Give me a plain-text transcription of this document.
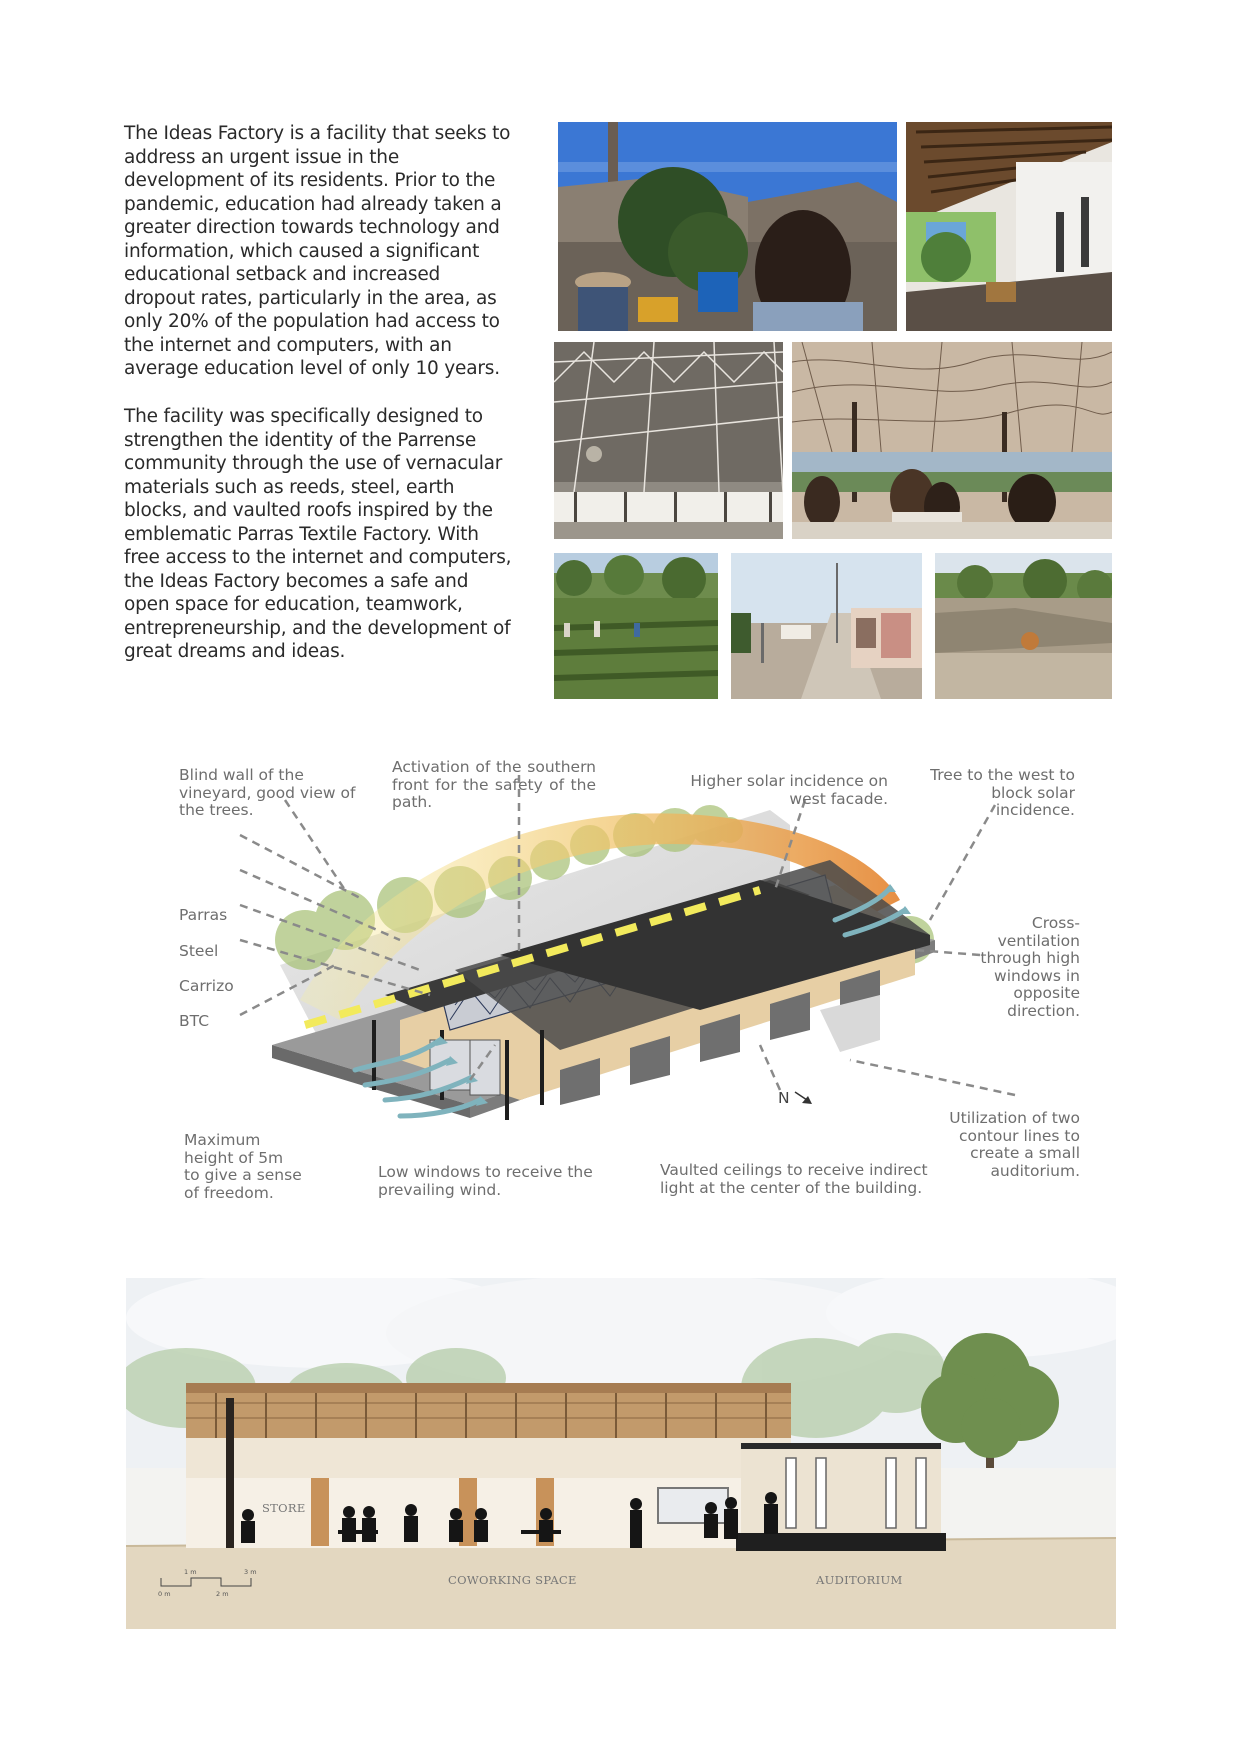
The Ideas Factory is a facility that seeks to address an urgent issue in the development of its residents. Prior to the pandemic, education had already taken a greater direction towards technology and information, which caused a significant educational setback and increased dropout rates, particularly in the area, as only 20% of the population had access to the internet and computers, with an average education level of only 10 years.
The facility was specifically designed to strengthen the identity of the Parrense community through the use of vernacular materials such as reeds, steel, earth blocks, and vaulted roofs inspired by the emblematic Parras Textile Factory. With free access to the internet and computers, the Ideas Factory becomes a safe and open space for education, teamwork, entrepreneurship, and the development of great dreams and ideas.
Blind wall of the
vineyard, good view of
the trees.
Activation of the southern front for the safety of the path.
Higher solar incidence on
west facade.
Tree to the west to
block solar
incidence.
Parras
Steel
Carrizo
BTC
Cross-
ventilation
through high
windows in
opposite
direction.
Maximum
height of 5m
to give a sense
of freedom.
Low windows to receive the
prevailing wind.
Vaulted ceilings to receive indirect
light at the center of the building.
Utilization of two
contour lines to
create a small
auditorium.
N
STORE
COWORKING SPACE	AUDITORIUM
0 m
1 m
2 m
3 m
